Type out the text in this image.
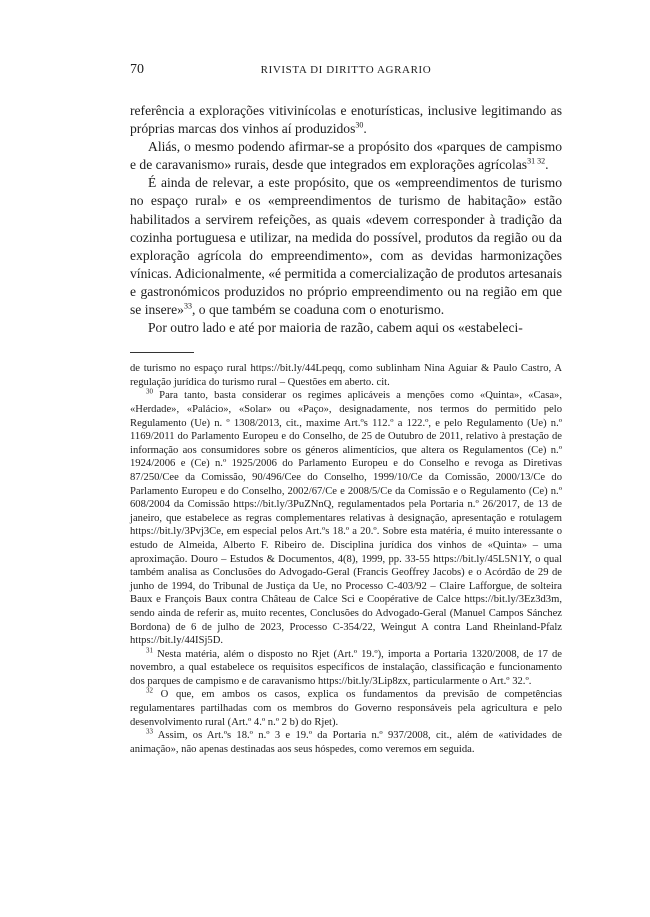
70	RIVISTA DI DIRITTO AGRARIO

referência a explorações vitivinícolas e enoturísticas, inclusive legitimando as próprias marcas dos vinhos aí produzidos$^{30}$.

Aliás, o mesmo podendo afirmar-se a propósito dos «parques de campismo e de caravanismo» rurais, desde que integrados em explorações agrícolas$^{31 32}$.

É ainda de relevar, a este propósito, que os «empreendimentos de turismo no espaço rural» e os «empreendimentos de turismo de habitação» estão habilitados a servirem refeições, as quais «devem corresponder à tradição da cozinha portuguesa e utilizar, na medida do possível, produtos da região ou da exploração agrícola do empreendimento», com as devidas harmonizações vínicas. Adicionalmente, «é permitida a comercialização de produtos artesanais e gastronómicos produzidos no próprio empreendimento ou na região em que se insere»$^{33}$, o que também se coaduna com o enoturismo.

Por outro lado e até por maioria de razão, cabem aqui os «estabeleci-

de turismo no espaço rural https://bit.ly/44Lpeqq, como sublinham Nina Aguiar & Paulo Castro, A regulação jurídica do turismo rural – Questões em aberto. cit.

$^{30}$ Para tanto, basta considerar os regimes aplicáveis a menções como «Quinta», «Casa», «Herdade», «Palácio», «Solar» ou «Paço», designadamente, nos termos do permitido pelo Regulamento (Ue) n. º 1308/2013, cit., maxime Art.ºs 112.º a 122.º, e pelo Regulamento (Ue) n.º 1169/2011 do Parlamento Europeu e do Conselho, de 25 de Outubro de 2011, relativo à prestação de informação aos consumidores sobre os géneros alimentícios, que altera os Regulamentos (Ce) n.º 1924/2006 e (Ce) n.º 1925/2006 do Parlamento Europeu e do Conselho e revoga as Diretivas 87/250/Cee da Comissão, 90/496/Cee do Conselho, 1999/10/Ce da Comissão, 2000/13/Ce do Parlamento Europeu e do Conselho, 2002/67/Ce e 2008/5/Ce da Comissão e o Regulamento (Ce) n.º 608/2004 da Comissão https://bit.ly/3PuZNnQ, regulamentados pela Portaria n.º 26/2017, de 13 de janeiro, que estabelece as regras complementares relativas à designação, apresentação e rotulagem https://bit.ly/3Pvj3Ce, em especial pelos Art.ºs 18.º a 20.º. Sobre esta matéria, é muito interessante o estudo de Almeida, Alberto F. Ribeiro de. Disciplina jurídica dos vinhos de «Quinta» – uma aproximação. Douro – Estudos & Documentos, 4(8), 1999, pp. 33-55 https://bit.ly/45L5N1Y, o qual também analisa as Conclusões do Advogado-Geral (Francis Geoffrey Jacobs) e o Acórdão de 29 de junho de 1994, do Tribunal de Justiça da Ue, no Processo C-403/92 – Claire Lafforgue, de solteira Baux e François Baux contra Château de Calce Sci e Coopérative de Calce https://bit.ly/3Ez3d3m, sendo ainda de referir as, muito recentes, Conclusões do Advogado-Geral (Manuel Campos Sánchez Bordona) de 6 de julho de 2023, Processo C-354/22, Weingut A contra Land Rheinland-Pfalz https://bit.ly/44ISj5D.

$^{31}$ Nesta matéria, além o disposto no Rjet (Art.º 19.º), importa a Portaria 1320/2008, de 17 de novembro, a qual estabelece os requisitos específicos de instalação, classificação e funcionamento dos parques de campismo e de caravanismo https://bit.ly/3Lip8zx, particularmente o Art.º 32.º.

$^{32}$ O que, em ambos os casos, explica os fundamentos da previsão de competências regulamentares partilhadas com os membros do Governo responsáveis pela agricultura e pelo desenvolvimento rural (Art.º 4.º n.º 2 b) do Rjet).

$^{33}$ Assim, os Art.ºs 18.º n.º 3 e 19.º da Portaria n.º 937/2008, cit., além de «atividades de animação», não apenas destinadas aos seus hóspedes, como veremos em seguida.
